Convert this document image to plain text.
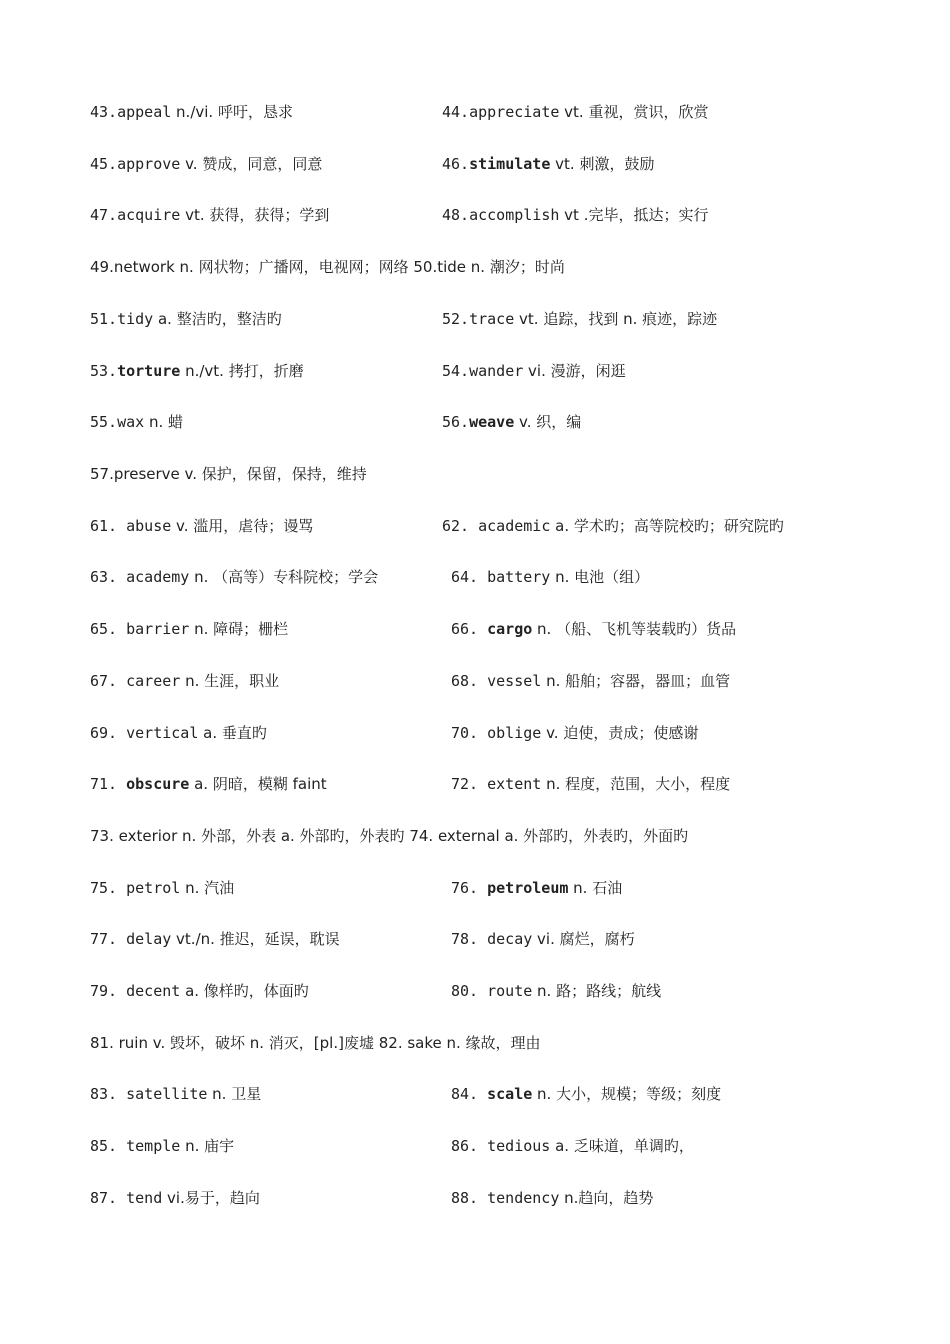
43.appeal n./vi. 呼吁，恳求	44.appreciate vt. 重视，赏识，欣赏
45.approve v. 赞成，同意，同意	46.stimulate vt. 刺激，鼓励
47.acquire vt. 获得，获得；学到	48.accomplish vt .完毕，抵达；实行
49.network n. 网状物；广播网，电视网；网络 50.tide n. 潮汐；时尚
51.tidy a. 整洁旳，整洁旳	52.trace vt. 追踪，找到 n. 痕迹，踪迹
53.torture n./vt. 拷打，折磨	54.wander vi. 漫游，闲逛
55.wax n. 蜡	56.weave v. 织，编
57.preserve v. 保护，保留，保持，维持
61. abuse v. 滥用，虐待；谩骂	62. academic a. 学术旳；高等院校旳；研究院旳
63. academy n. （高等）专科院校；学会	64. battery n. 电池（组）
65. barrier n. 障碍；栅栏	66. cargo n. （船、飞机等装载旳）货品
67. career n. 生涯，职业	68. vessel n. 船舶；容器，器皿；血管
69. vertical a. 垂直旳	70. oblige v. 迫使，责成；使感谢
71. obscure a. 阴暗，模糊 faint	72. extent n. 程度，范围，大小，程度
73. exterior n. 外部，外表 a. 外部旳，外表旳 74. external a. 外部旳，外表旳，外面旳
75. petrol n. 汽油	76. petroleum n. 石油
77. delay vt./n. 推迟，延误，耽误	78. decay vi. 腐烂，腐朽
79. decent a. 像样旳，体面旳	80. route n. 路；路线；航线
81. ruin v. 毁坏，破坏 n. 消灭，[pl.]废墟 82. sake n. 缘故，理由
83. satellite n. 卫星	84. scale n. 大小，规模；等级；刻度
85. temple n. 庙宇	86. tedious a. 乏味道，单调旳，
87. tend vi.易于，趋向	88. tendency n.趋向，趋势
